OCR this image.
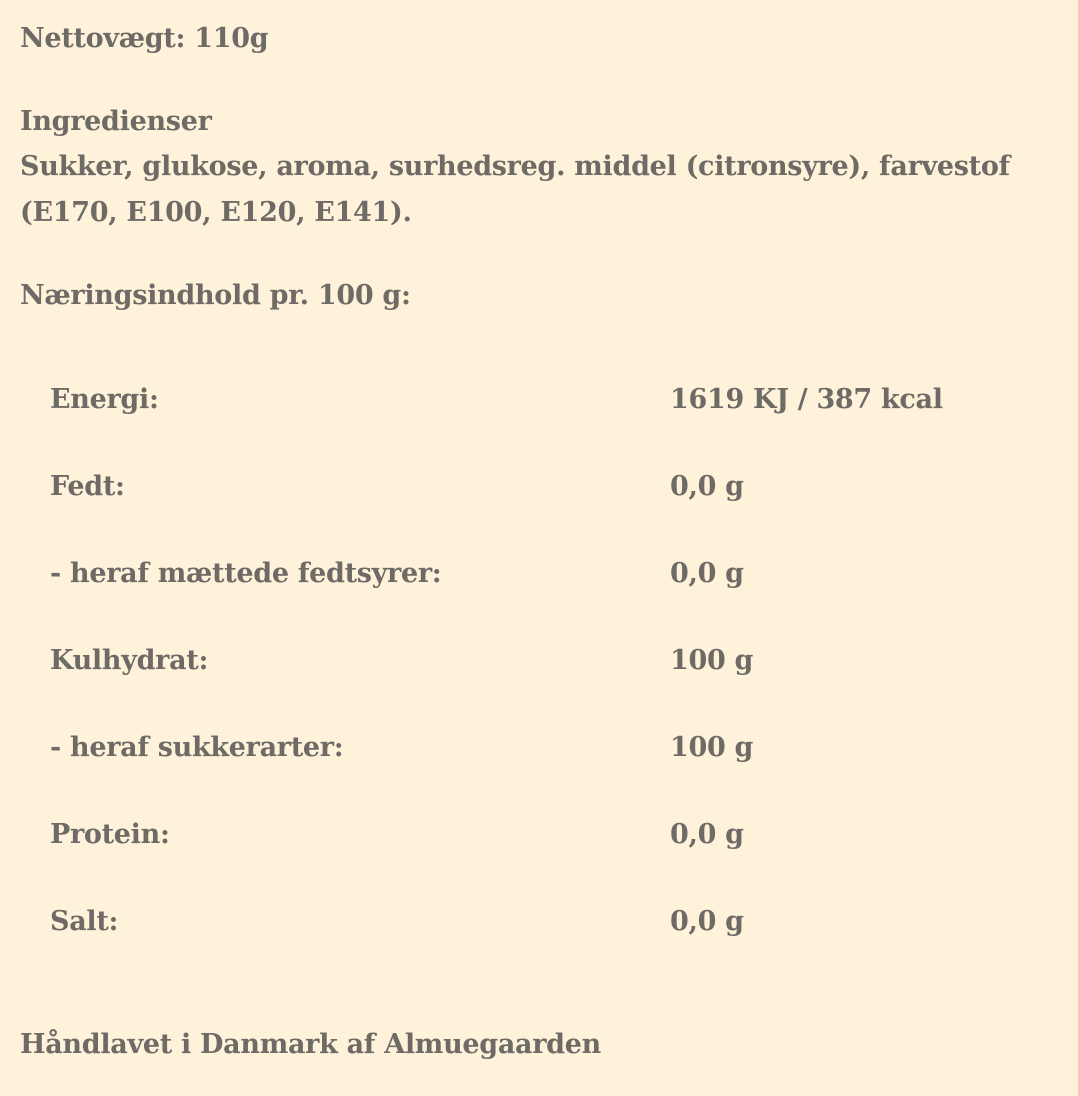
Nettovægt: 110g

Ingredienser

Sukker, glukose, aroma, surhedsreg. middel (citronsyre), farvestof (E170, E100, E120, E141).

Næringsindhold pr. 100 g:

Energi:	1619 KJ / 387 kcal
Fedt:	0,0 g
- heraf mættede fedtsyrer:	0,0 g
Kulhydrat:	100 g
- heraf sukkerarter:	100 g
Protein:	0,0 g
Salt:	0,0 g

Håndlavet i Danmark af Almuegaarden
